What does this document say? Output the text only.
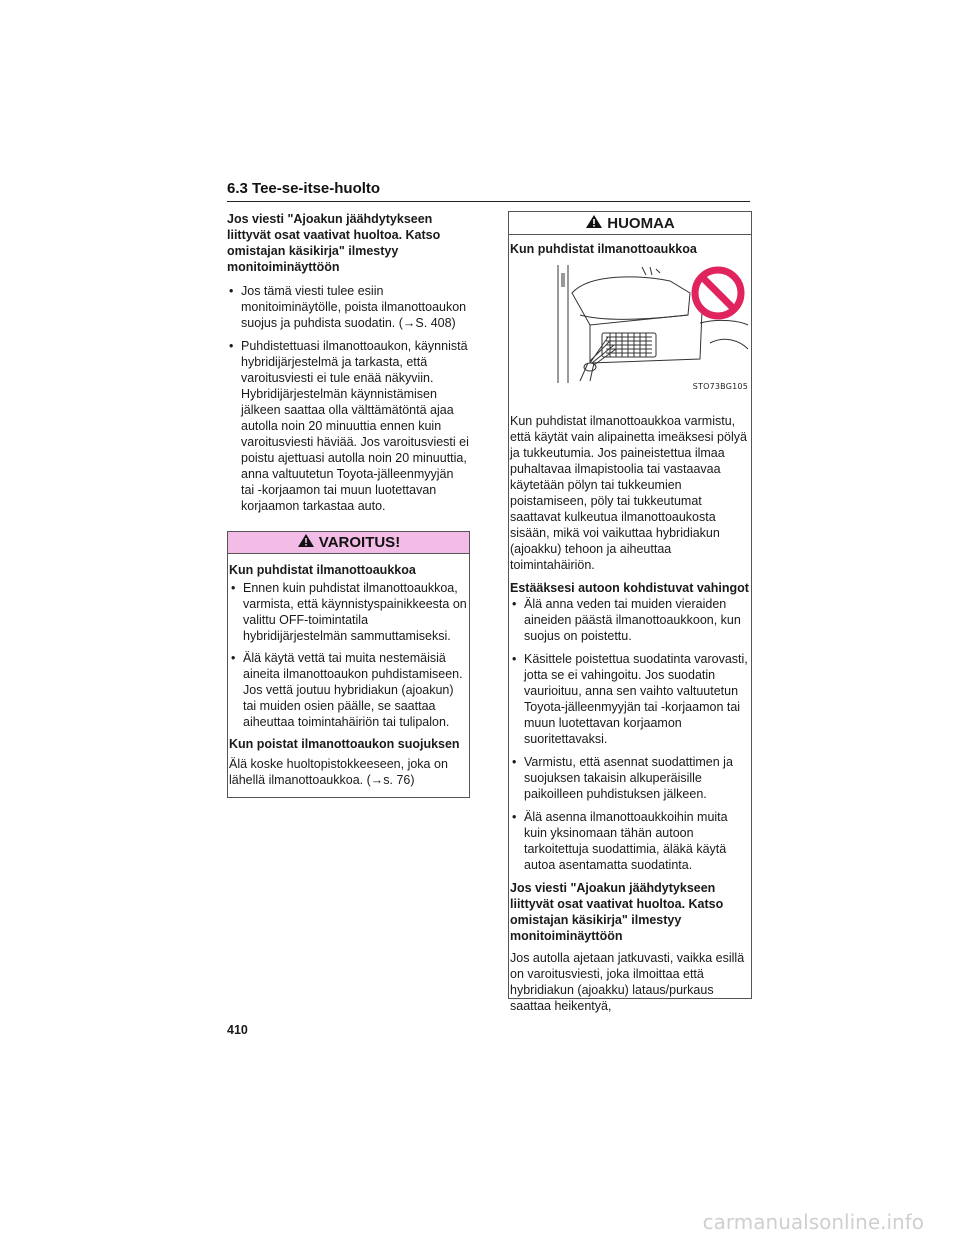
6.3 Tee-se-itse-huolto

Jos viesti "Ajoakun jäähdytykseen liittyvät osat vaativat huoltoa. Katso omistajan käsikirja" ilmestyy monitoiminäyttöön

• Jos tämä viesti tulee esiin monitoiminäytölle, poista ilmanottoaukon suojus ja puhdista suodatin. (→S. 408)
• Puhdistettuasi ilmanottoaukon, käynnistä hybridijärjestelmä ja tarkasta, että varoitusviesti ei tule enää näkyviin. Hybridijärjestelmän käynnistämisen jälkeen saattaa olla välttämätöntä ajaa autolla noin 20 minuuttia ennen kuin varoitusviesti häviää. Jos varoitusviesti ei poistu ajettuasi autolla noin 20 minuuttia, anna valtuutetun Toyota-jälleenmyyjän tai -korjaamon tai muun luotettavan korjaamon tarkastaa auto.
VAROITUS!

Kun puhdistat ilmanottoaukkoa

• Ennen kuin puhdistat ilmanottoaukkoa, varmista, että käynnistyspainikkeesta on valittu OFF-toimintatila hybridijärjestelmän sammuttamiseksi.
• Älä käytä vettä tai muita nestemäisiä aineita ilmanottoaukon puhdistamiseen. Jos vettä joutuu hybridiakun (ajoakun) tai muiden osien päälle, se saattaa aiheuttaa toimintahäiriön tai tulipalon.

Kun poistat ilmanottoaukon suojuksen

Älä koske huoltopistokkeeseen, joka on lähellä ilmanottoaukkoa. (→s. 76)

HUOMAA

Kun puhdistat ilmanottoaukkoa

STO73BG105

Kun puhdistat ilmanottoaukkoa varmistu, että käytät vain alipainetta imeäksesi pölyä ja tukkeutumia. Jos paineistettua ilmaa puhaltavaa ilmapistoolia tai vastaavaa käytetään pölyn tai tukkeumien poistamiseen, pöly tai tukkeutumat saattavat kulkeutua ilmanottoaukosta sisään, mikä voi vaikuttaa hybridiakun (ajoakku) tehoon ja aiheuttaa toimintahäiriön.

Estääksesi autoon kohdistuvat vahingot

• Älä anna veden tai muiden vieraiden aineiden päästä ilmanottoaukkoon, kun suojus on poistettu.
• Käsittele poistettua suodatinta varovasti, jotta se ei vahingoitu. Jos suodatin vaurioituu, anna sen vaihto valtuutetun Toyota-jälleenmyyjän tai -korjaamon tai muun luotettavan korjaamon suoritettavaksi.
• Varmistu, että asennat suodattimen ja suojuksen takaisin alkuperäisille paikoilleen puhdistuksen jälkeen.
• Älä asenna ilmanottoaukkoihin muita kuin yksinomaan tähän autoon tarkoitettuja suodattimia, äläkä käytä autoa asentamatta suodatinta.

Jos viesti "Ajoakun jäähdytykseen liittyvät osat vaativat huoltoa. Katso omistajan käsikirja" ilmestyy monitoiminäyttöön

Jos autolla ajetaan jatkuvasti, vaikka esillä on varoitusviesti, joka ilmoittaa että hybridiakun (ajoakku) lataus/purkaus saattaa heikentyä,

410
carmanualsonline.info
